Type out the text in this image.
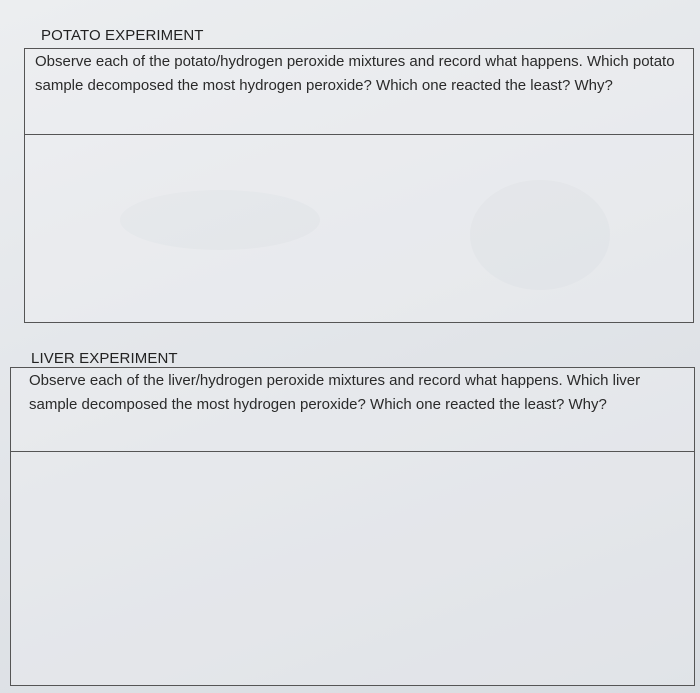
POTATO EXPERIMENT
Observe each of the potato/hydrogen peroxide mixtures and record what happens. Which potato sample decomposed the most hydrogen peroxide? Which one reacted the least? Why?
LIVER EXPERIMENT
Observe each of the liver/hydrogen peroxide mixtures and record what happens. Which liver sample decomposed the most hydrogen peroxide? Which one reacted the least? Why?
